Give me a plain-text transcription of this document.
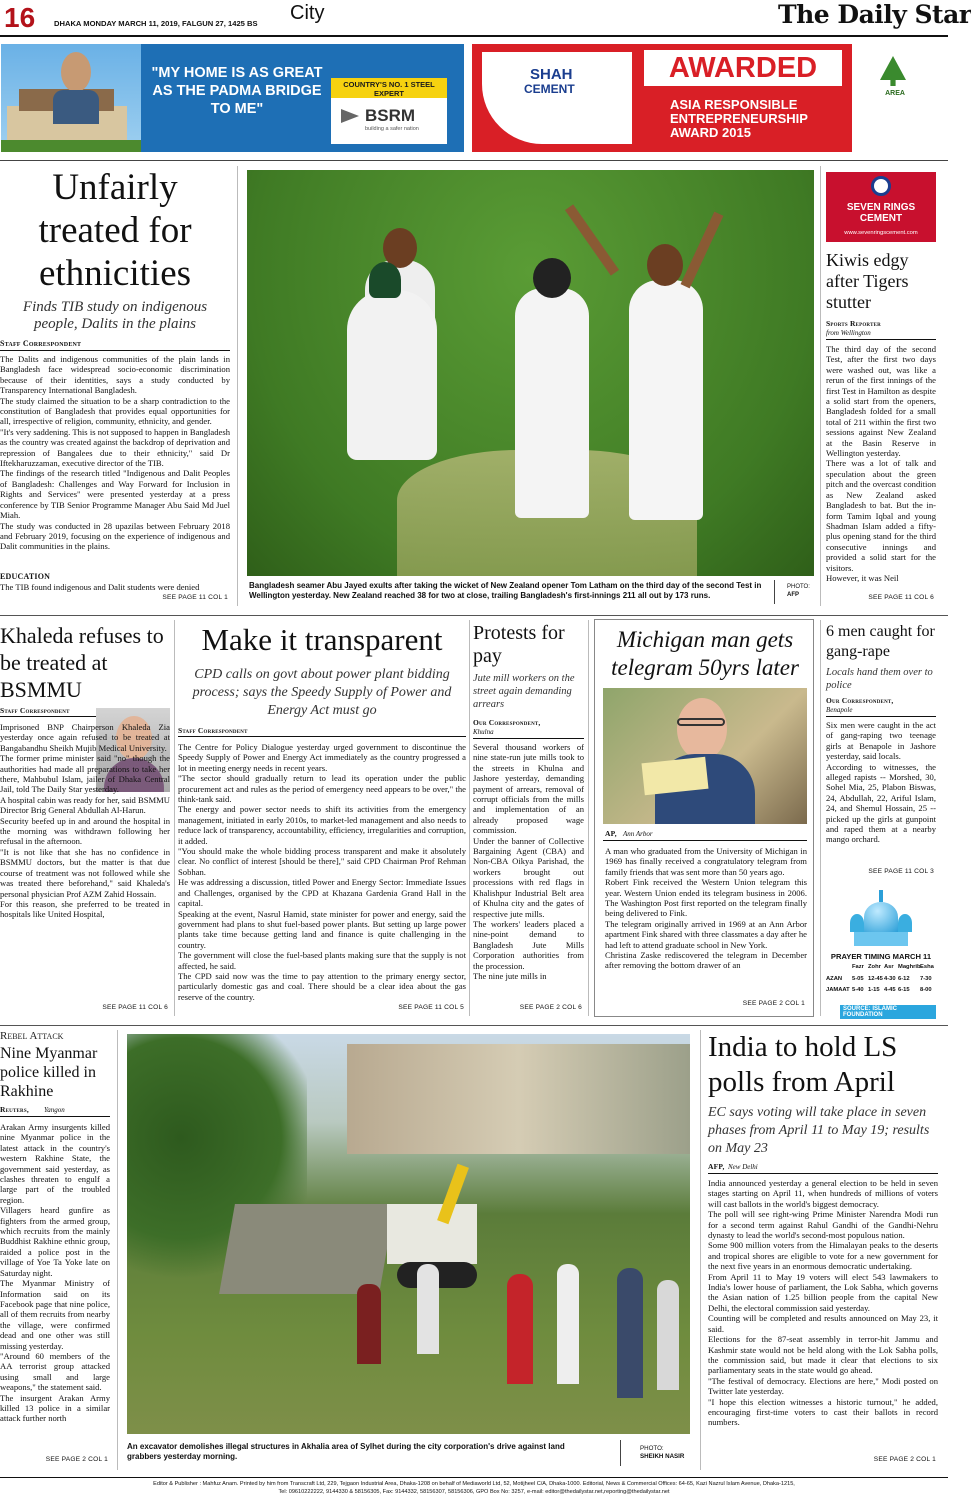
16 DHAKA MONDAY MARCH 11, 2019, FALGUN 27, 1425 BS City	The Daily Star
"MY HOME IS AS GREAT AS THE PADMA BRIDGE TO ME"
COUNTRY'S NO. 1 STEEL EXPERT
BSRM
building a safer nation
SHAH
CEMENT
AWARDED
ASIA RESPONSIBLE ENTREPRENEURSHIP AWARD 2015
AREA
Unfairly treated for ethnicities
Finds TIB study on indigenous people, Dalits in the plains
Staff Correspondent
The Dalits and indigenous communities of the plain lands in Bangladesh face widespread socio-economic discrimination because of their identities, says a study conducted by Transparency International Bangladesh.
The study claimed the situation to be a sharp contradiction to the constitution of Bangladesh that provides equal opportunities for all, irrespective of religion, community, ethnicity, and gender.
"It's very saddening. This is not supposed to happen in Bangladesh as the country was created against the backdrop of deprivation and repression of Bangalees due to their ethnicity," said Dr Iftekharuzzaman, executive director of the TIB.
The findings of the research titled "Indigenous and Dalit Peoples of Bangladesh: Challenges and Way Forward for Inclusion in Rights and Services" were presented yesterday at a press conference by TIB Senior Programme Manager Abu Said Md Juel Miah.
The study was conducted in 28 upazilas between February 2018 and February 2019, focusing on the experience of indigenous and Dalit communities in the plains.
EDUCATION
The TIB found indigenous and Dalit students were denied
SEE PAGE 11 COL 1
Bangladesh seamer Abu Jayed exults after taking the wicket of New Zealand opener Tom Latham on the third day of the second Test in Wellington yesterday. New Zealand reached 38 for two at close, trailing Bangladesh's first-innings 211 all out by 173 runs.
PHOTO:
AFP
SEVEN RINGS CEMENT
www.sevenringscement.com
Kiwis edgy after Tigers stutter
Sports Reporter
from Wellington
The third day of the second Test, after the first two days were washed out, was like a rerun of the first innings of the first Test in Hamilton as despite a solid start from the openers, Bangladesh folded for a small total of 211 within the first two sessions against New Zealand at the Basin Reserve in Wellington yesterday.
There was a lot of talk and speculation about the green pitch and the overcast condition as New Zealand asked Bangladesh to bat. But the in-form Tamim Iqbal and young Shadman Islam added a fifty-plus opening stand for the third consecutive innings and provided a solid start for the visitors.
However, it was Neil
SEE PAGE 11 COL 6
Khaleda refuses to be treated at BSMMU
Staff Correspondent
Imprisoned BNP Chairperson Khaleda Zia yesterday once again refused to be treated at Bangabandhu Sheikh Mujib Medical University.
The former prime minister said "no" though the authorities had made all preparations to take her there, Mahbubul Islam, jailer of Dhaka Central Jail, told The Daily Star yesterday.
A hospital cabin was ready for her, said BSMMU Director Brig General Abdullah Al-Harun.
Security beefed up in and around the hospital in the morning was withdrawn following her refusal in the afternoon.
"It is not like that she has no confidence in BSMMU doctors, but the matter is that due course of treatment was not followed while she was treated there beforehand," said Khaleda's personal physician Prof AZM Zahid Hossain.
For this reason, she preferred to be treated in hospitals like United Hospital,
SEE PAGE 11 COL 6
Make it transparent
CPD calls on govt about power plant bidding process; says the Speedy Supply of Power and Energy Act must go
Staff Correspondent
The Centre for Policy Dialogue yesterday urged government to discontinue the Speedy Supply of Power and Energy Act immediately as the country progressed a lot in meeting energy needs in recent years.
"The sector should gradually return to lead its operation under the public procurement act and rules as the period of emergency need appears to be over," the think-tank said.
The energy and power sector needs to shift its activities from the emergency management, initiated in early 2010s, to market-led management and also needs to reduce lack of transparency, accountability, efficiency, irregularities and corruption, it added.
"You should make the whole bidding process transparent and make it absolutely clear. No conflict of interest [should be there]," said CPD Chairman Prof Rehman Sobhan.
He was addressing a discussion, titled Power and Energy Sector: Immediate Issues and Challenges, organised by the CPD at Khazana Gardenia Grand Hall in the capital.
Speaking at the event, Nasrul Hamid, state minister for power and energy, said the government had plans to shut fuel-based power plants. But setting up large power plants take time because getting land and finance is quite challenging in the country.
The government will close the fuel-based plants making sure that the supply is not affected, he said.
The CPD said now was the time to pay attention to the primary energy sector, particularly domestic gas and coal. There should be a clear idea about the gas reserve of the country.
SEE PAGE 11 COL 5
Protests for pay
Jute mill workers on the street again demanding arrears
Our Correspondent,
Khulna
Several thousand workers of nine state-run jute mills took to the streets in Khulna and Jashore yesterday, demanding payment of arrears, removal of corrupt officials from the mills and implementation of an already proposed wage commission.
Under the banner of Collective Bargaining Agent (CBA) and Non-CBA Oikya Parishad, the workers brought out processions with red flags in Khalishpur Industrial Belt area of Khulna city and the gates of respective jute mills.
The workers' leaders placed a nine-point demand to Bangladesh Jute Mills Corporation authorities from the procession.
The nine jute mills in
SEE PAGE 2 COL 6
Michigan man gets telegram 50yrs later
AP, Ann Arbor
A man who graduated from the University of Michigan in 1969 has finally received a congratulatory telegram from family friends that was sent more than 50 years ago.
Robert Fink received the Western Union telegram this year. Western Union ended its telegram business in 2006. The Washington Post first reported on the telegram finally being delivered to Fink.
The telegram originally arrived in 1969 at an Ann Arbor apartment Fink shared with three classmates a day after he had left to attend graduate school in New York.
Christina Zaske rediscovered the telegram in December after removing the bottom drawer of an
SEE PAGE 2 COL 1
6 men caught for gang-rape
Locals hand them over to police
Our Correspondent,
Benapole
Six men were caught in the act of gang-raping two teenage girls at Benapole in Jashore yesterday, said locals.
According to witnesses, the alleged rapists -- Morshed, 30, Sohel Mia, 25, Plabon Biswas, 24, Abdullah, 22, Ariful Islam, 24, and Shemul Hossain, 25 -- picked up the girls at gunpoint and raped them at a nearby mango orchard.
SEE PAGE 11 COL 3
PRAYER TIMING MARCH 11
Fazr Zohr Asr Maghrib Esha
AZAN 5-05 12-45 4-30 6-12 7-30
JAMAAT 5-40 1-15 4-45 6-15 8-00
SOURCE: ISLAMIC FOUNDATION
Rebel Attack
Nine Myanmar police killed in Rakhine
Reuters, Yangon
Arakan Army insurgents killed nine Myanmar police in the latest attack in the country's western Rakhine State, the government said yesterday, as clashes threaten to engulf a large part of the troubled region.
Villagers heard gunfire as fighters from the armed group, which recruits from the mainly Buddhist Rakhine ethnic group, raided a police post in the village of Yoe Ta Yoke late on Saturday night.
The Myanmar Ministry of Information said on its Facebook page that nine police, all of them recruits from nearby the village, were confirmed dead and one other was still missing yesterday.
"Around 60 members of the AA terrorist group attacked using small and large weapons," the statement said.
The insurgent Arakan Army killed 13 police in a similar attack further north
SEE PAGE 2 COL 1
An excavator demolishes illegal structures in Akhalia area of Sylhet during the city corporation's drive against land grabbers yesterday morning.
PHOTO:
SHEIKH NASIR
India to hold LS polls from April
EC says voting will take place in seven phases from April 11 to May 19; results on May 23
AFP, New Delhi
India announced yesterday a general election to be held in seven stages starting on April 11, when hundreds of millions of voters will cast ballots in the world's biggest democracy.
The poll will see right-wing Prime Minister Narendra Modi run for a second term against Rahul Gandhi of the Gandhi-Nehru dynasty to lead the world's second-most populous nation.
Some 900 million voters from the Himalayan peaks to the deserts and tropical shores are eligible to vote for a new government for the next five years in an enormous democratic undertaking.
From April 11 to May 19 voters will elect 543 lawmakers to India's lower house of parliament, the Lok Sabha, which governs the Asian nation of 1.25 billion people from the capital New Delhi, the electoral commission said yesterday.
Counting will be completed and results announced on May 23, it said.
Elections for the 87-seat assembly in terror-hit Jammu and Kashmir state would not be held along with the Lok Sabha polls, the commission said, but made it clear that elections to six parliamentary seats in the state would go ahead.
"The festival of democracy. Elections are here," Modi posted on Twitter late yesterday.
"I hope this election witnesses a historic turnout," he added, encouraging first-time voters to cast their ballots in record numbers.
SEE PAGE 2 COL 1
Editor & Publisher : Mahfuz Anam. Printed by him from Transcraft Ltd, 229, Tejgaon Industrial Area, Dhaka-1208 on behalf of Mediaworld Ltd, 52, Motijheel C/A, Dhaka-1000. Editorial, News & Commercial Offices: 64-65, Kazi Nazrul Islam Avenue, Dhaka-1215,
Tel: 09610222222, 9144330 & 58156305, Fax: 9144332, 58156307, 58156306, GPO Box No: 3257, e-mail: editor@thedailystar.net,reporting@thedailystar.net
